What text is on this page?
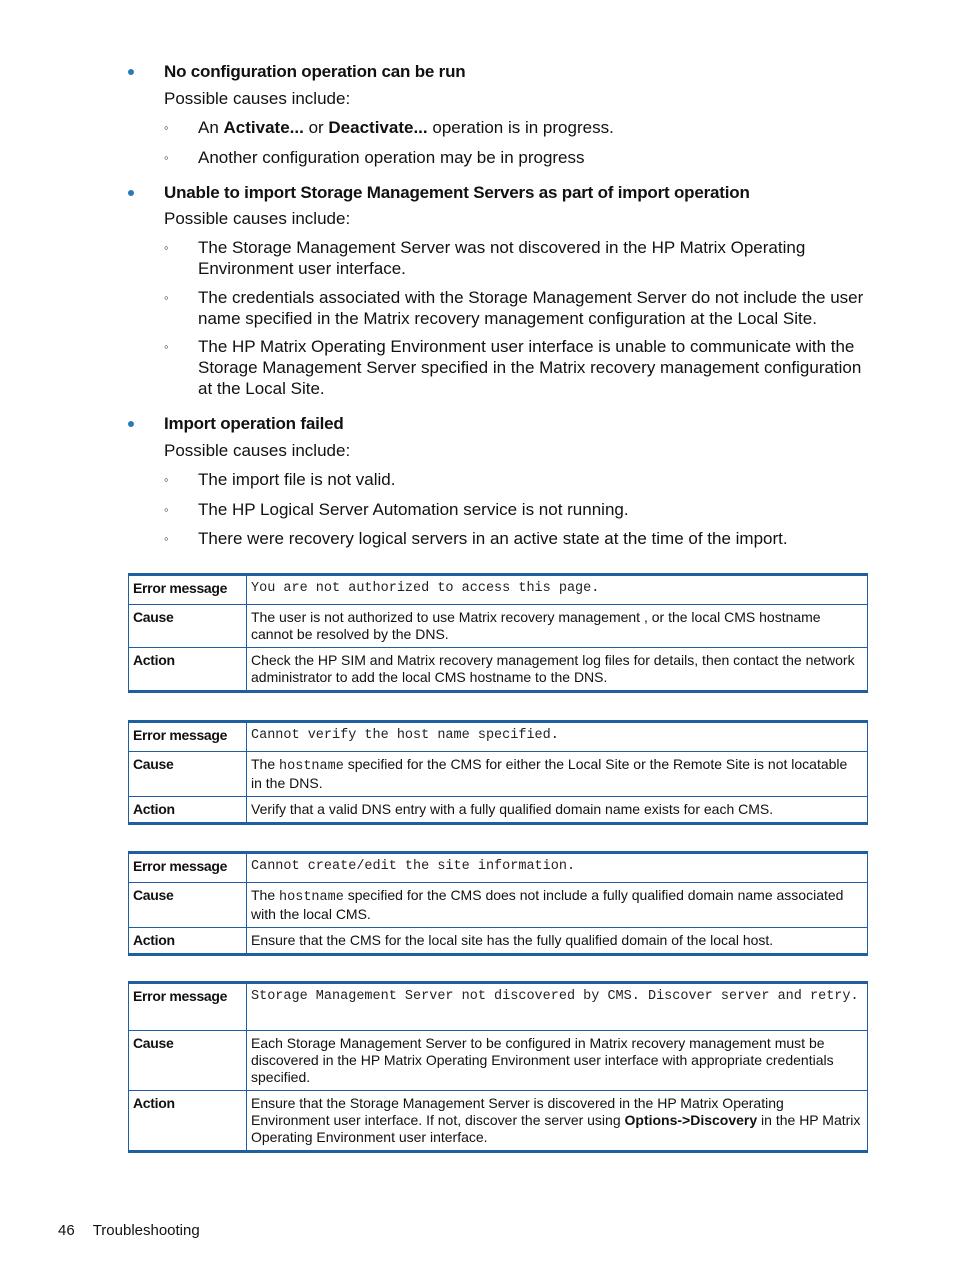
No configuration operation can be run
Possible causes include:
◦ An Activate... or Deactivate... operation is in progress.
◦ Another configuration operation may be in progress
Unable to import Storage Management Servers as part of import operation
Possible causes include:
◦ The Storage Management Server was not discovered in the HP Matrix Operating Environment user interface.
◦ The credentials associated with the Storage Management Server do not include the user name specified in the Matrix recovery management configuration at the Local Site.
◦ The HP Matrix Operating Environment user interface is unable to communicate with the Storage Management Server specified in the Matrix recovery management configuration at the Local Site.
Import operation failed
Possible causes include:
◦ The import file is not valid.
◦ The HP Logical Server Automation service is not running.
◦ There were recovery logical servers in an active state at the time of the import.
Error message	You are not authorized to access this page.
Cause	The user is not authorized to use Matrix recovery management , or the local CMS hostname cannot be resolved by the DNS.
Action	Check the HP SIM and Matrix recovery management log files for details, then contact the network administrator to add the local CMS hostname to the DNS.
Error message	Cannot verify the host name specified.
Cause	The hostname specified for the CMS for either the Local Site or the Remote Site is not locatable in the DNS.
Action	Verify that a valid DNS entry with a fully qualified domain name exists for each CMS.
Error message	Cannot create/edit the site information.
Cause	The hostname specified for the CMS does not include a fully qualified domain name associated with the local CMS.
Action	Ensure that the CMS for the local site has the fully qualified domain of the local host.
Error message	Storage Management Server not discovered by CMS. Discover server and retry.
Cause	Each Storage Management Server to be configured in Matrix recovery management must be discovered in the HP Matrix Operating Environment user interface with appropriate credentials specified.
Action	Ensure that the Storage Management Server is discovered in the HP Matrix Operating Environment user interface. If not, discover the server using Options->Discovery in the HP Matrix Operating Environment user interface.
46 Troubleshooting
